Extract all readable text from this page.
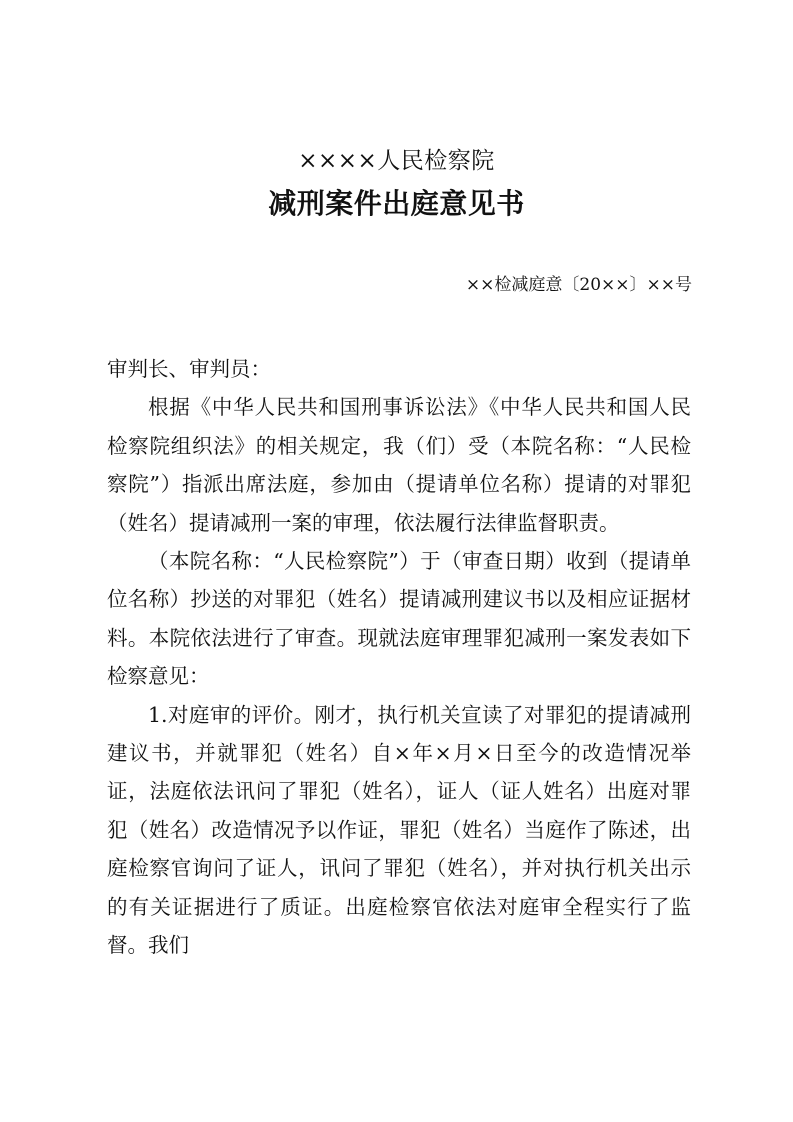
××××人民检察院
减刑案件出庭意见书
××检减庭意〔20××〕××号

审判长、审判员：

根据《中华人民共和国刑事诉讼法》《中华人民共和国人民检察院组织法》的相关规定，我（们）受（本院名称：“人民检察院”）指派出席法庭，参加由（提请单位名称）提请的对罪犯（姓名）提请减刑一案的审理，依法履行法律监督职责。

（本院名称：“人民检察院”）于（审查日期）收到（提请单位名称）抄送的对罪犯（姓名）提请减刑建议书以及相应证据材料。本院依法进行了审查。现就法庭审理罪犯减刑一案发表如下检察意见：

1.对庭审的评价。刚才，执行机关宣读了对罪犯的提请减刑建议书，并就罪犯（姓名）自×年×月×日至今的改造情况举证，法庭依法讯问了罪犯（姓名），证人（证人姓名）出庭对罪犯（姓名）改造情况予以作证，罪犯（姓名）当庭作了陈述，出庭检察官询问了证人，讯问了罪犯（姓名），并对执行机关出示的有关证据进行了质证。出庭检察官依法对庭审全程实行了监督。我们
